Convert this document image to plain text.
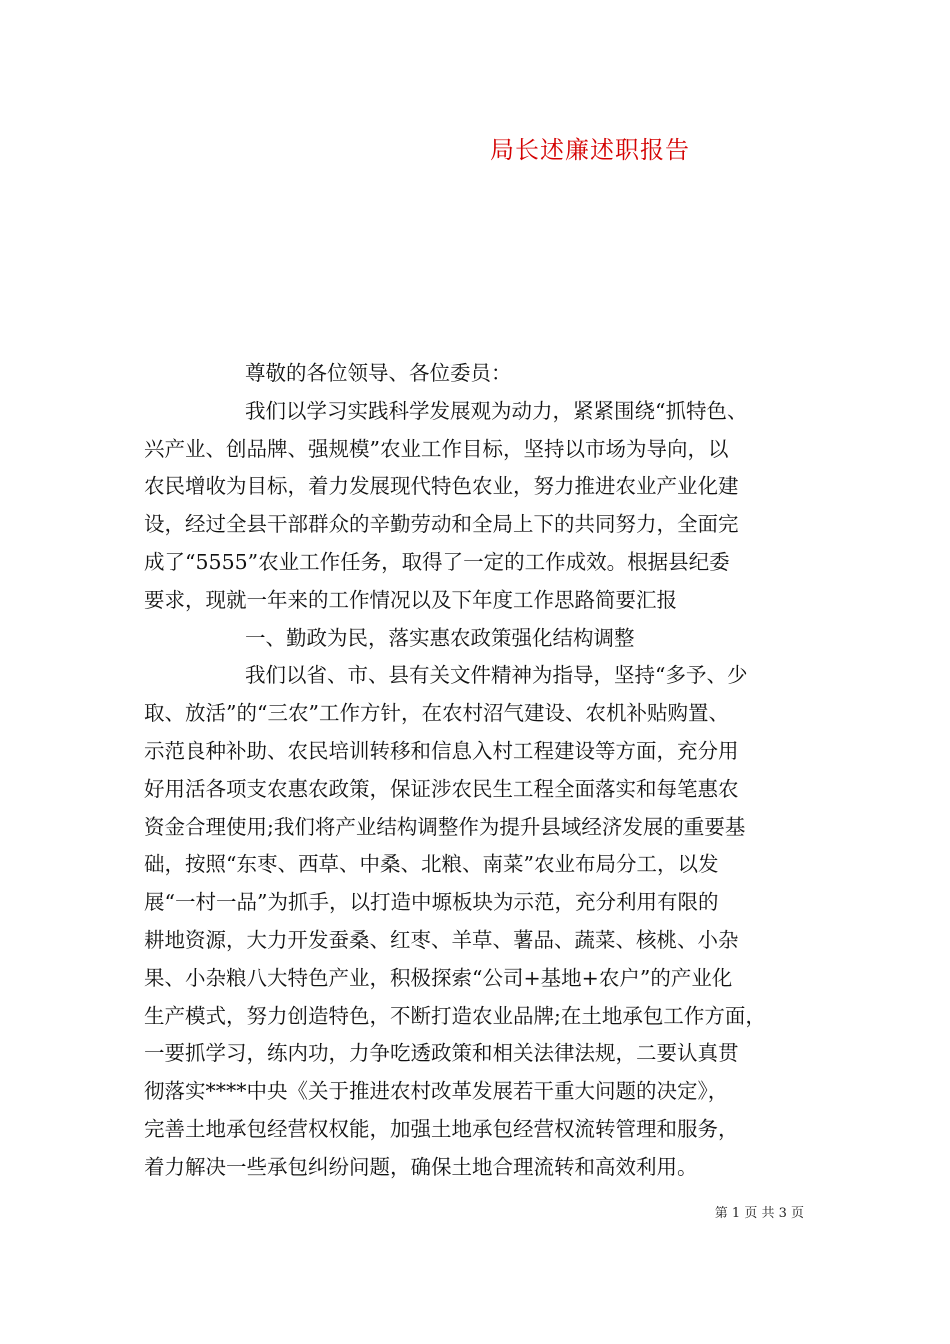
局长述廉述职报告
尊敬的各位领导、各位委员：
我们以学习实践科学发展观为动力，紧紧围绕“抓特色、
兴产业、创品牌、强规模”农业工作目标，坚持以市场为导向，以
农民增收为目标，着力发展现代特色农业，努力推进农业产业化建
设，经过全县干部群众的辛勤劳动和全局上下的共同努力，全面完
成了“5555”农业工作任务，取得了一定的工作成效。根据县纪委
要求，现就一年来的工作情况以及下年度工作思路简要汇报
一、勤政为民，落实惠农政策强化结构调整
我们以省、市、县有关文件精神为指导，坚持“多予、少
取、放活”的“三农”工作方针，在农村沼气建设、农机补贴购置、
示范良种补助、农民培训转移和信息入村工程建设等方面，充分用
好用活各项支农惠农政策，保证涉农民生工程全面落实和每笔惠农
资金合理使用;我们将产业结构调整作为提升县域经济发展的重要基
础，按照“东枣、西草、中桑、北粮、南菜”农业布局分工，以发
展“一村一品”为抓手，以打造中塬板块为示范，充分利用有限的
耕地资源，大力开发蚕桑、红枣、羊草、薯品、蔬菜、核桃、小杂
果、小杂粮八大特色产业，积极探索“公司+基地+农户”的产业化
生产模式，努力创造特色，不断打造农业品牌;在土地承包工作方面，
一要抓学习，练内功，力争吃透政策和相关法律法规，二要认真贯
彻落实****中央《关于推进农村改革发展若干重大问题的决定》，
完善土地承包经营权权能，加强土地承包经营权流转管理和服务，
着力解决一些承包纠纷问题，确保土地合理流转和高效利用。
第 1 页 共 3 页
